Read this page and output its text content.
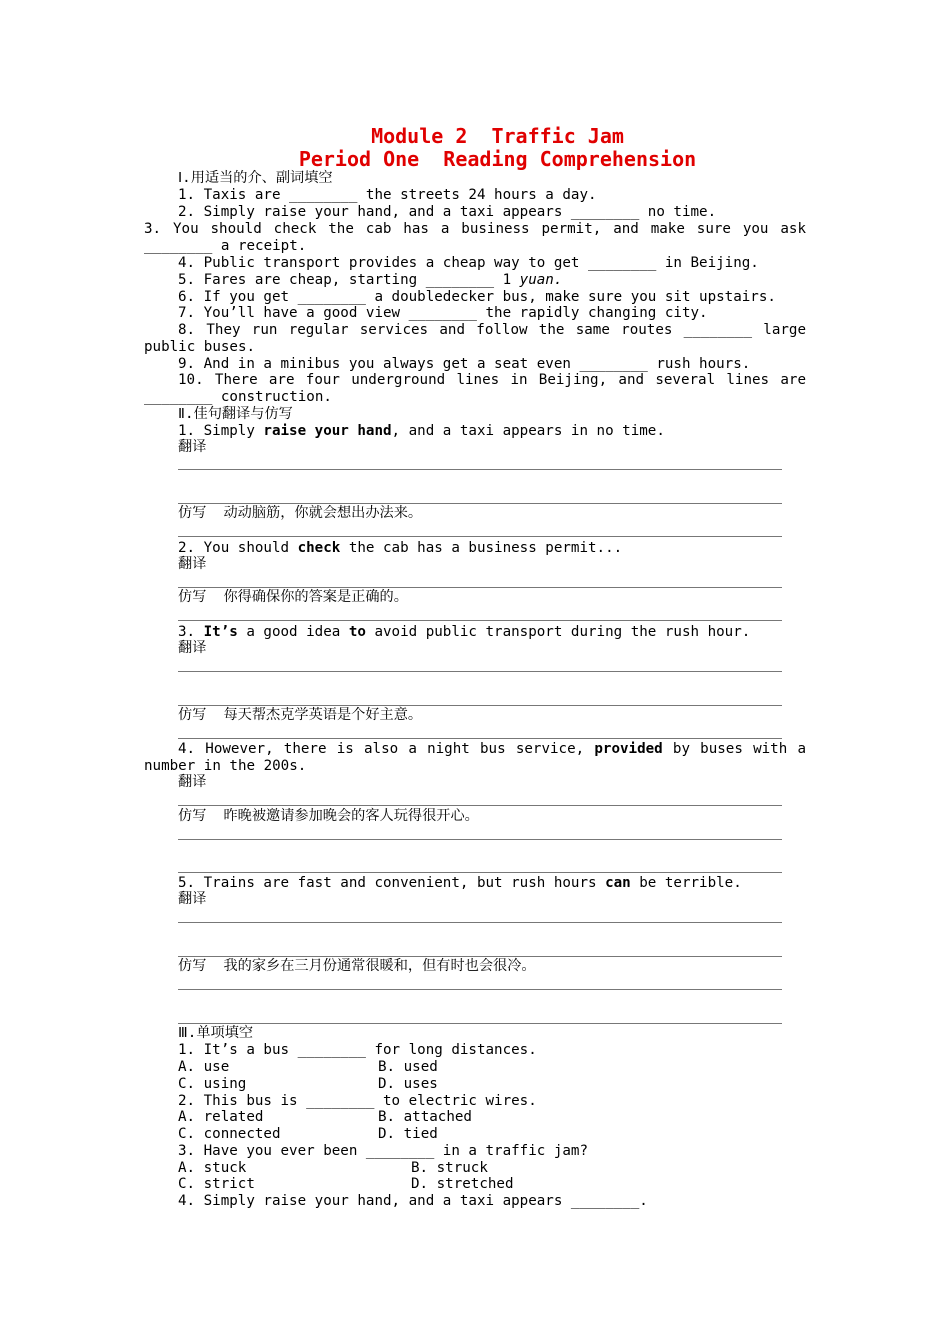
Module 2  Traffic Jam
Period One  Reading Comprehension
Ⅰ.用适当的介、副词填空
1. Taxis are ________ the streets 24 hours a day.
2. Simply raise your hand, and a taxi appears ________ no time.
3. You should check the cab has a business permit, and make sure you ask
________ a receipt.
4. Public transport provides a cheap way to get ________ in Beijing.
5. Fares are cheap, starting ________ 1 yuan.
6. If you get ________ a doubledecker bus, make sure you sit upstairs.
7. You’ll have a good view ________ the rapidly changing city.
8. They run regular services and follow the same routes ________ large
public buses.
9. And in a minibus you always get a seat even ________ rush hours.
10. There are four underground lines in Beijing, and several lines are
________ construction.
Ⅱ.佳句翻译与仿写
1. Simply raise your hand, and a taxi appears in no time.
翻译
仿写 动动脑筋，你就会想出办法来。
2. You should check the cab has a business permit...
翻译
仿写 你得确保你的答案是正确的。
3. It’s a good idea to avoid public transport during the rush hour.
翻译
仿写 每天帮杰克学英语是个好主意。
4. However, there is also a night bus service, provided by buses with a
number in the 200s.
翻译
仿写 昨晚被邀请参加晚会的客人玩得很开心。
5. Trains are fast and convenient, but rush hours can be terrible.
翻译
仿写 我的家乡在三月份通常很暖和，但有时也会很冷。
Ⅲ.单项填空
1. It’s a bus ________ for long distances.
A. use	B. used
C. using	D. uses
2. This bus is ________ to electric wires.
A. related	B. attached
C. connected	D. tied
3. Have you ever been ________ in a traffic jam?
A. stuck	B. struck
C. strict	D. stretched
4. Simply raise your hand, and a taxi appears ________.
